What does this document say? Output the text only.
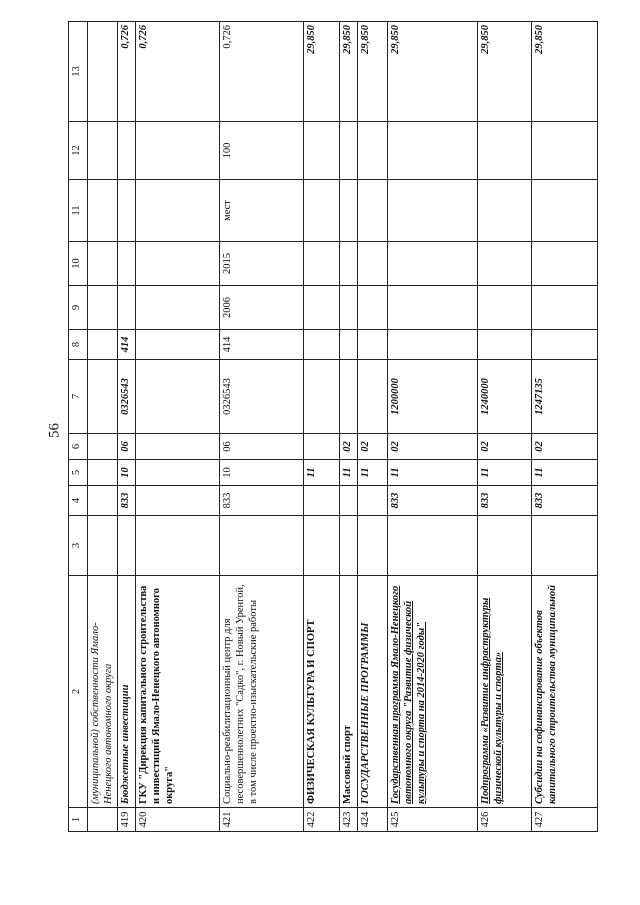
56
1	2	3	4	5	6	7	8	9	10	11	12	13
	(муниципальной) собственности Ямало-Ненецкого автономного округа											
419	Бюджетные инвестиции		833	10	06	0326543	414					0,726
420	ГКУ "Дирекция капитального строительства и инвестиций Ямало-Ненецкого автономного округа"											0,726
421	Социально-реабилитационный центр для несовершеннолетних "Садко", г. Новый Уренгой, в том числе проектно-изыскательские работы		833	10	06	0326543	414	2006	2015	мест	100	0,726
422	ФИЗИЧЕСКАЯ КУЛЬТУРА И СПОРТ			11								29,850
423	Массовый спорт			11	02							29,850
424	ГОСУДАРСТВЕННЫЕ ПРОГРАММЫ			11	02							29,850
425	Государственная программа Ямало-Ненецкого автономного округа "Развитие физической культуры и спорта на 2014-2020 годы"		833	11	02	1200000						29,850
426	Подпрограмма «Развитие инфраструктуры физической культуры и спорта»		833	11	02	1240000						29,850
427	Субсидии на софинансирование объектов капитального строительства муниципальной		833	11	02	1247135						29,850
